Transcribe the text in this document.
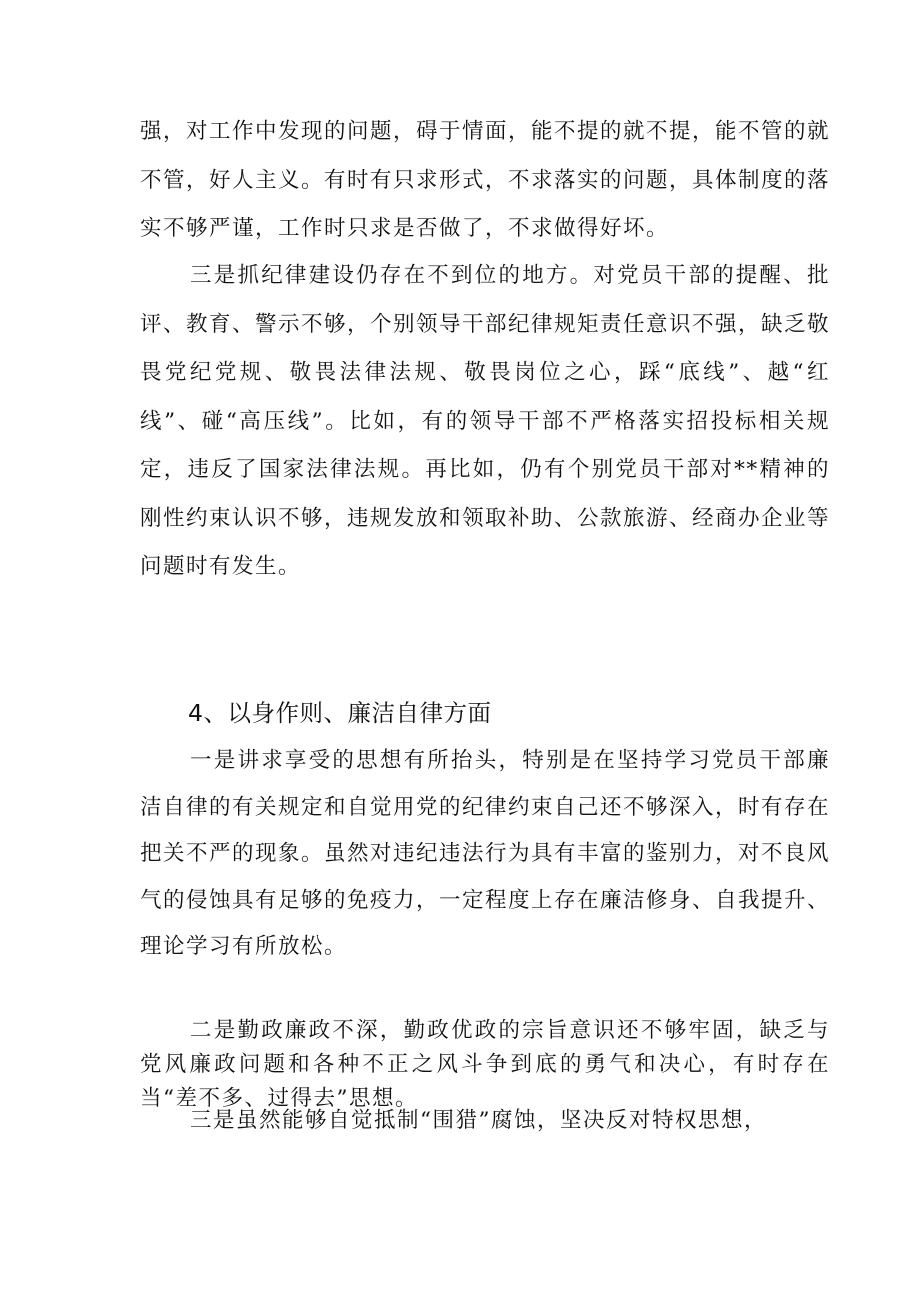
强，对工作中发现的问题，碍于情面，能不提的就不提，能不管的就不管，好人主义。有时有只求形式，不求落实的问题，具体制度的落实不够严谨，工作时只求是否做了，不求做得好坏。

三是抓纪律建设仍存在不到位的地方。对党员干部的提醒、批评、教育、警示不够，个别领导干部纪律规矩责任意识不强，缺乏敬畏党纪党规、敬畏法律法规、敬畏岗位之心，踩“底线”、越“红线”、碰“高压线”。比如，有的领导干部不严格落实招投标相关规定，违反了国家法律法规。再比如，仍有个别党员干部对**精神的刚性约束认识不够，违规发放和领取补助、公款旅游、经商办企业等问题时有发生。

4、以身作则、廉洁自律方面

一是讲求享受的思想有所抬头，特别是在坚持学习党员干部廉洁自律的有关规定和自觉用党的纪律约束自己还不够深入，时有存在把关不严的现象。虽然对违纪违法行为具有丰富的鉴别力，对不良风气的侵蚀具有足够的免疫力，一定程度上存在廉洁修身、自我提升、理论学习有所放松。

二是勤政廉政不深，勤政优政的宗旨意识还不够牢固，缺乏与党风廉政问题和各种不正之风斗争到底的勇气和决心，有时存在当“差不多、过得去”思想。

三是虽然能够自觉抵制“围猎”腐蚀，坚决反对特权思想，
